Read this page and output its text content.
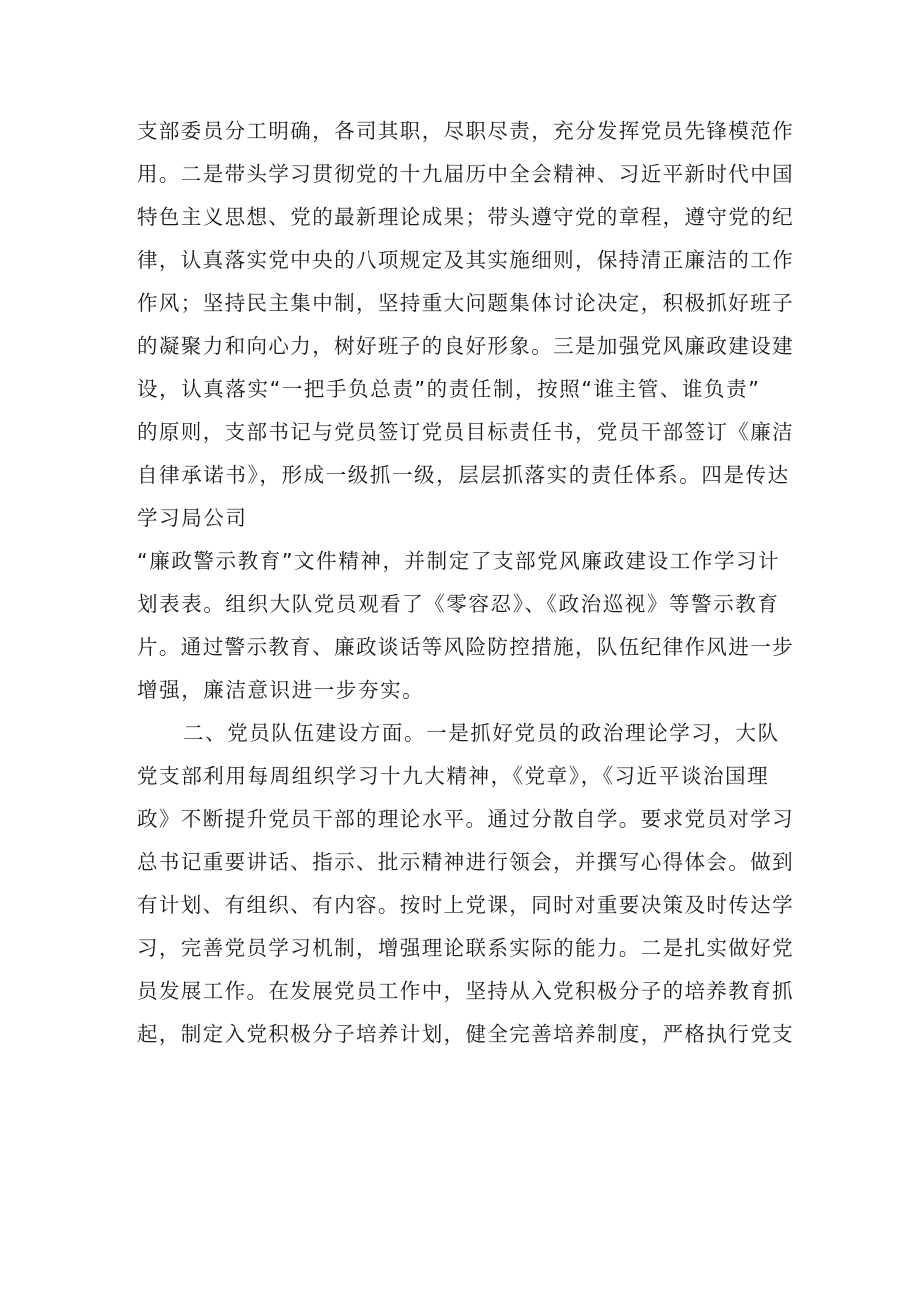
支部委员分工明确，各司其职，尽职尽责，充分发挥党员先锋模范作
用。二是带头学习贯彻党的十九届历中全会精神、习近平新时代中国
特色主义思想、党的最新理论成果；带头遵守党的章程，遵守党的纪
律，认真落实党中央的八项规定及其实施细则，保持清正廉洁的工作
作风；坚持民主集中制，坚持重大问题集体讨论决定，积极抓好班子
的凝聚力和向心力，树好班子的良好形象。三是加强党风廉政建设建
设，认真落实“一把手负总责”的责任制，按照“谁主管、谁负责”
的原则，支部书记与党员签订党员目标责任书，党员干部签订《廉洁
自律承诺书》，形成一级抓一级，层层抓落实的责任体系。四是传达
学习局公司
“廉政警示教育”文件精神，并制定了支部党风廉政建设工作学习计
划表表。组织大队党员观看了《零容忍》、《政治巡视》等警示教育
片。通过警示教育、廉政谈话等风险防控措施，队伍纪律作风进一步
增强，廉洁意识进一步夯实。
二、党员队伍建设方面。一是抓好党员的政治理论学习，大队
党支部利用每周组织学习十九大精神，《党章》，《习近平谈治国理
政》不断提升党员干部的理论水平。通过分散自学。要求党员对学习
总书记重要讲话、指示、批示精神进行领会，并撰写心得体会。做到
有计划、有组织、有内容。按时上党课，同时对重要决策及时传达学
习，完善党员学习机制，增强理论联系实际的能力。二是扎实做好党
员发展工作。在发展党员工作中，坚持从入党积极分子的培养教育抓
起，制定入党积极分子培养计划，健全完善培养制度，严格执行党支
